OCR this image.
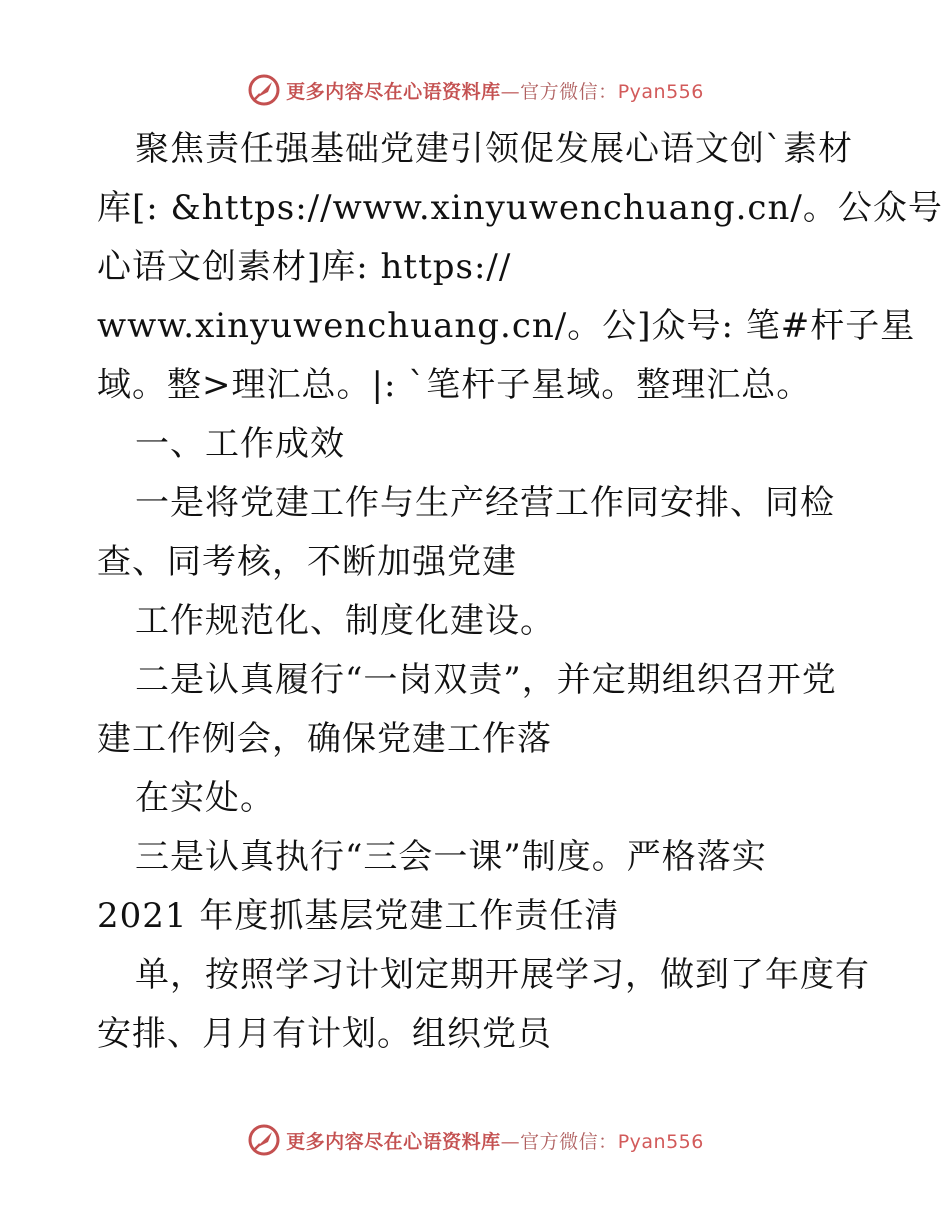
更多内容尽在心语资料库—官方微信：Pyan556
聚焦责任强基础党建引领促发展心语文创`素材
库[: &https://www.xinyuwenchuang.cn/。公众号
心语文创素材]库: https://
www.xinyuwenchuang.cn/。公]众号: 笔#杆子星
域。整>理汇总。|: `笔杆子星域。整理汇总。
一、工作成效
一是将党建工作与生产经营工作同安排、同检
查、同考核，不断加强党建
工作规范化、制度化建设。
二是认真履行“一岗双责”，并定期组织召开党
建工作例会，确保党建工作落
在实处。
三是认真执行“三会一课”制度。严格落实
2021 年度抓基层党建工作责任清
单，按照学习计划定期开展学习，做到了年度有
安排、月月有计划。组织党员
更多内容尽在心语资料库—官方微信：Pyan556
